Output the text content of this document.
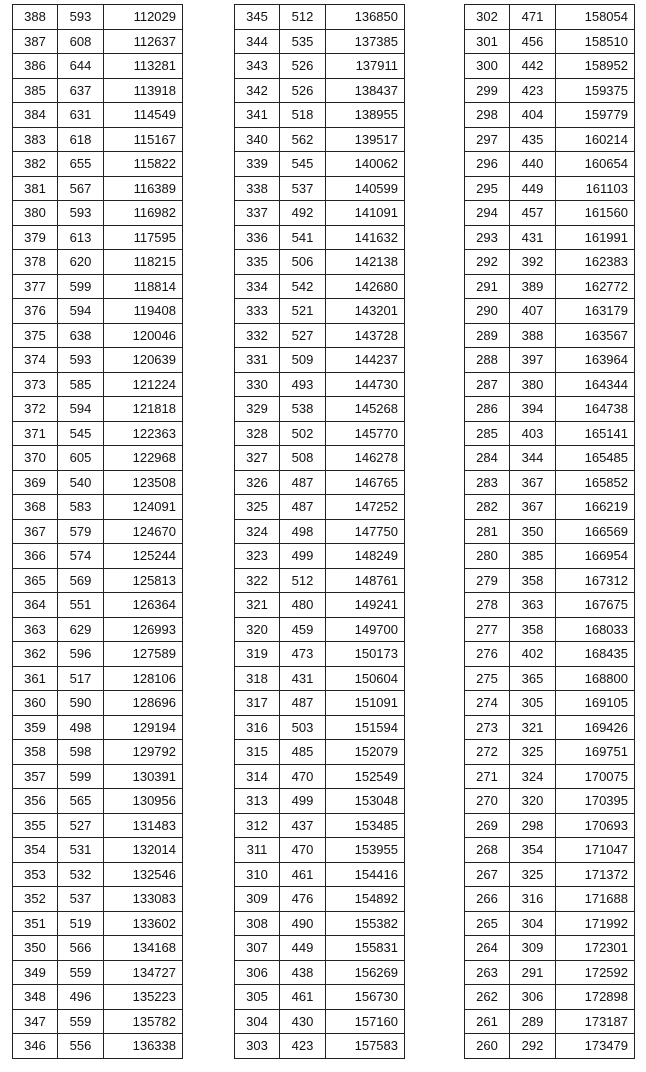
388	593	112029
387	608	112637
386	644	113281
385	637	113918
384	631	114549
383	618	115167
382	655	115822
381	567	116389
380	593	116982
379	613	117595
378	620	118215
377	599	118814
376	594	119408
375	638	120046
374	593	120639
373	585	121224
372	594	121818
371	545	122363
370	605	122968
369	540	123508
368	583	124091
367	579	124670
366	574	125244
365	569	125813
364	551	126364
363	629	126993
362	596	127589
361	517	128106
360	590	128696
359	498	129194
358	598	129792
357	599	130391
356	565	130956
355	527	131483
354	531	132014
353	532	132546
352	537	133083
351	519	133602
350	566	134168
349	559	134727
348	496	135223
347	559	135782
346	556	136338
345	512	136850
344	535	137385
343	526	137911
342	526	138437
341	518	138955
340	562	139517
339	545	140062
338	537	140599
337	492	141091
336	541	141632
335	506	142138
334	542	142680
333	521	143201
332	527	143728
331	509	144237
330	493	144730
329	538	145268
328	502	145770
327	508	146278
326	487	146765
325	487	147252
324	498	147750
323	499	148249
322	512	148761
321	480	149241
320	459	149700
319	473	150173
318	431	150604
317	487	151091
316	503	151594
315	485	152079
314	470	152549
313	499	153048
312	437	153485
311	470	153955
310	461	154416
309	476	154892
308	490	155382
307	449	155831
306	438	156269
305	461	156730
304	430	157160
303	423	157583
302	471	158054
301	456	158510
300	442	158952
299	423	159375
298	404	159779
297	435	160214
296	440	160654
295	449	161103
294	457	161560
293	431	161991
292	392	162383
291	389	162772
290	407	163179
289	388	163567
288	397	163964
287	380	164344
286	394	164738
285	403	165141
284	344	165485
283	367	165852
282	367	166219
281	350	166569
280	385	166954
279	358	167312
278	363	167675
277	358	168033
276	402	168435
275	365	168800
274	305	169105
273	321	169426
272	325	169751
271	324	170075
270	320	170395
269	298	170693
268	354	171047
267	325	171372
266	316	171688
265	304	171992
264	309	172301
263	291	172592
262	306	172898
261	289	173187
260	292	173479
